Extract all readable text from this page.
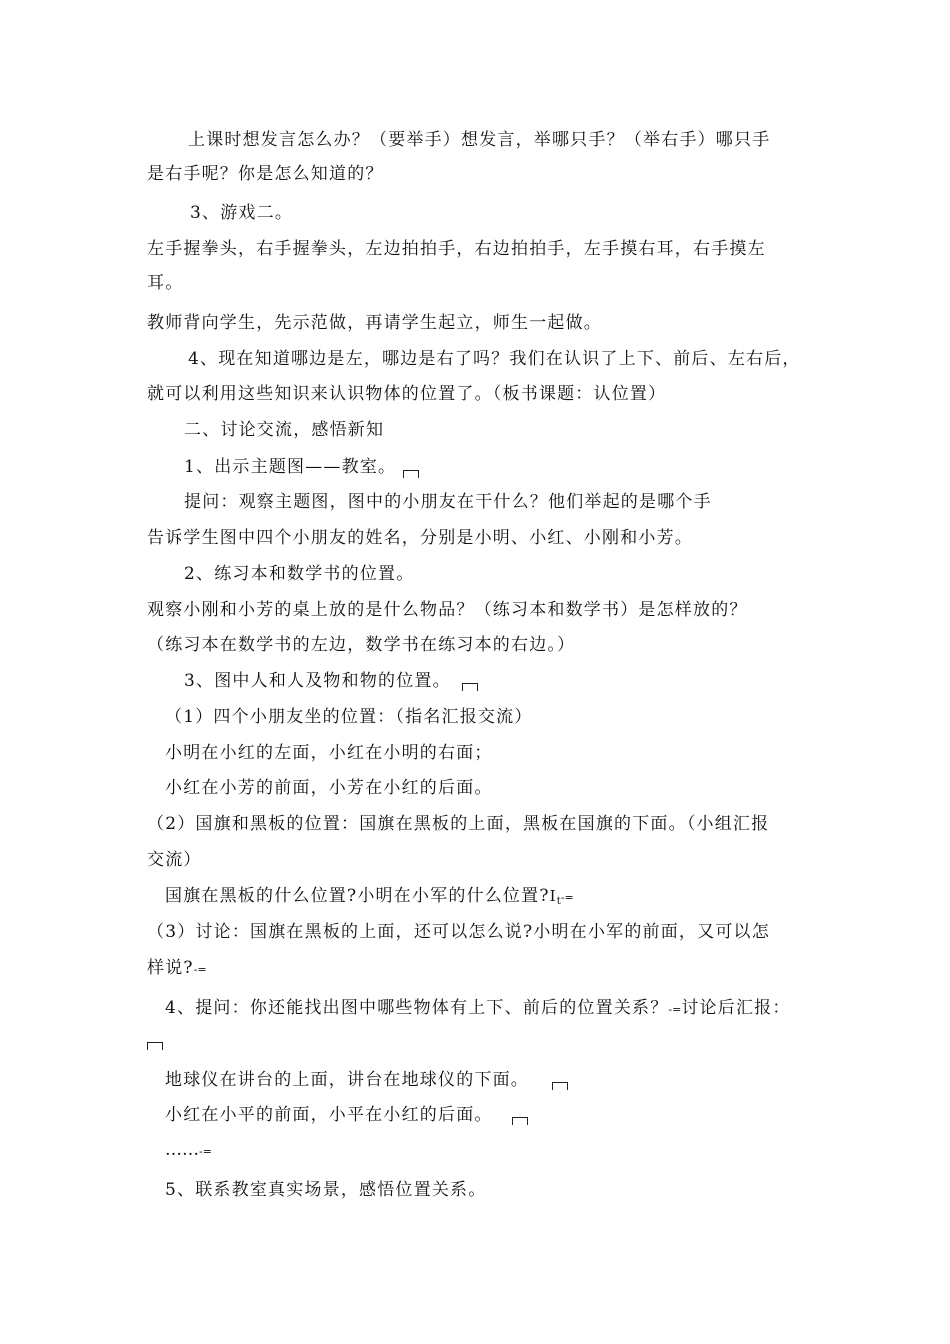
上课时想发言怎么办？（要举手）想发言，举哪只手？（举右手）哪只手

是右手呢？你是怎么知道的？

3、游戏二。

左手握拳头，右手握拳头，左边拍拍手，右边拍拍手，左手摸右耳，右手摸左

耳。

教师背向学生，先示范做，再请学生起立，师生一起做。

4、现在知道哪边是左，哪边是右了吗？我们在认识了上下、前后、左右后，

就可以利用这些知识来认识物体的位置了。（板书课题：认位置）

二、讨论交流，感悟新知

1、出示主题图——教室。

提问：观察主题图，图中的小朋友在干什么？他们举起的是哪个手

告诉学生图中四个小朋友的姓名，分别是小明、小红、小刚和小芳。

2、练习本和数学书的位置。

观察小刚和小芳的桌上放的是什么物品？（练习本和数学书）是怎样放的？

（练习本在数学书的左边，数学书在练习本的右边。）

3、图中人和人及物和物的位置。

（1）四个小朋友坐的位置：（指名汇报交流）

小明在小红的左面，小红在小明的右面；

小红在小芳的前面，小芳在小红的后面。

（2）国旗和黑板的位置：国旗在黑板的上面，黑板在国旗的下面。（小组汇报

交流）

国旗在黑板的什么位置?小明在小军的什么位置?It-=

（3）讨论：国旗在黑板的上面，还可以怎么说?小明在小军的前面，又可以怎

样说?-=

4、提问：你还能找出图中哪些物体有上下、前后的位置关系？-=讨论后汇报：

地球仪在讲台的上面，讲台在地球仪的下面。

小红在小平的前面，小平在小红的后面。

……-=

5、联系教室真实场景，感悟位置关系。
